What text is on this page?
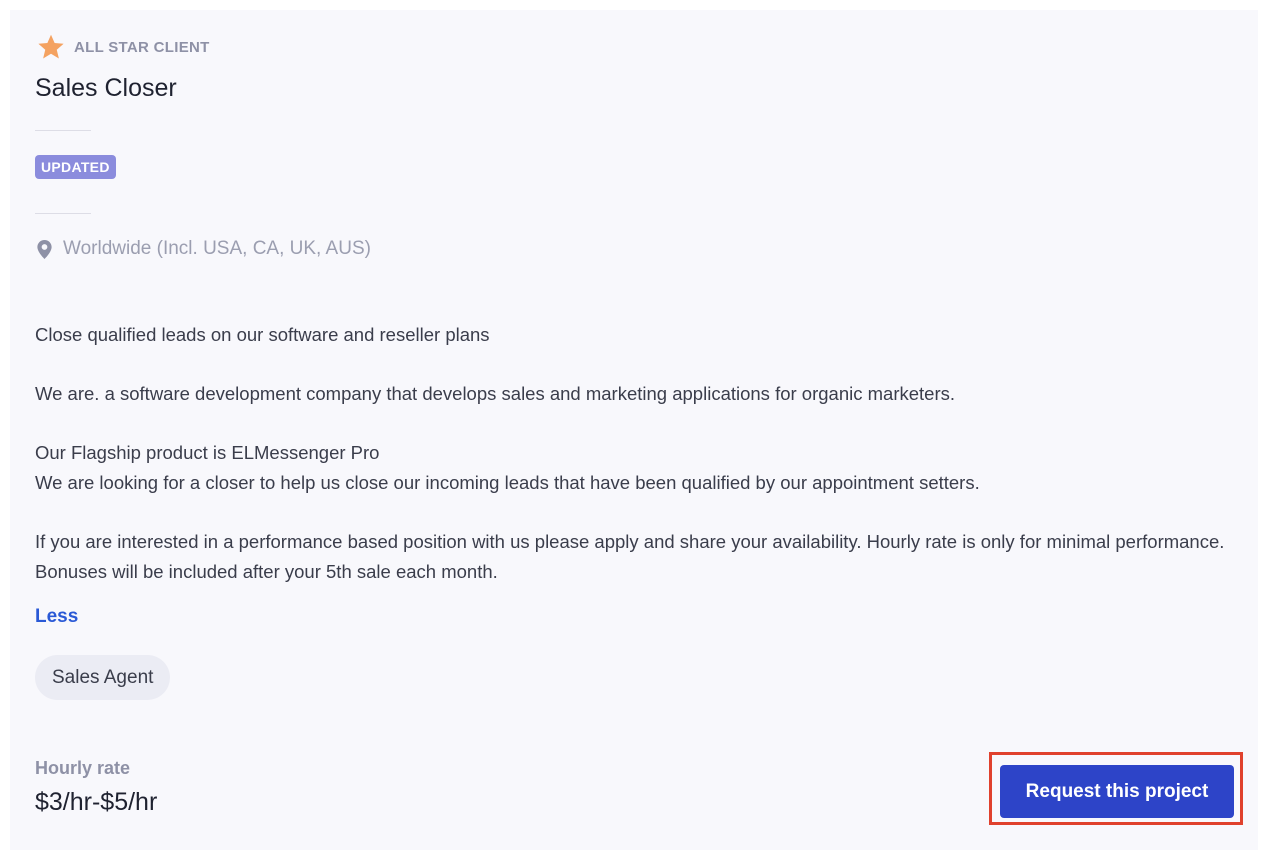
ALL STAR CLIENT
Sales Closer
UPDATED
Worldwide (Incl. USA, CA, UK, AUS)

Close qualified leads on our software and reseller plans

We are. a software development company that develops sales and marketing applications for organic marketers.

Our Flagship product is ELMessenger Pro

We are looking for a closer to help us close our incoming leads that have been qualified by our appointment setters.

If you are interested in a performance based position with us please apply and share your availability. Hourly rate is only for minimal performance. Bonuses will be included after your 5th sale each month.

Less
Sales Agent
Hourly rate
$3/hr-$5/hr	Request this project
